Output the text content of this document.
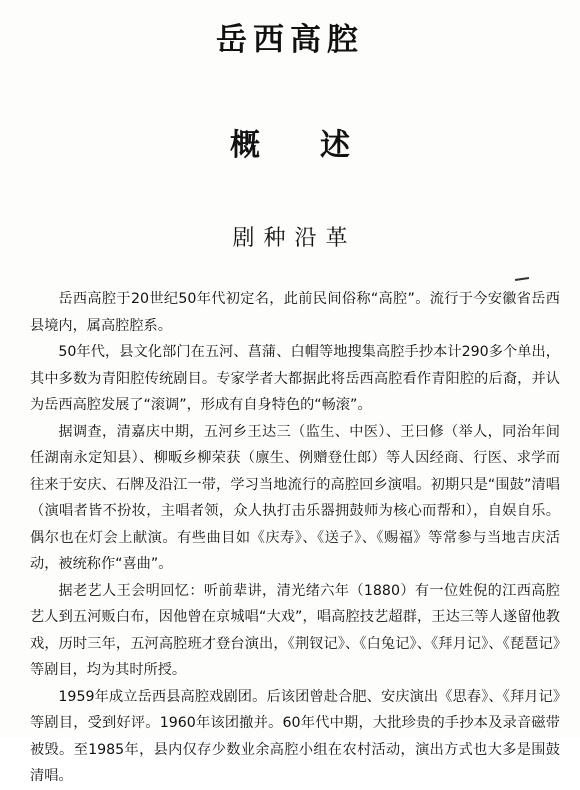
岳西高腔
概述
剧种沿革

岳西高腔于20世纪50年代初定名，此前民间俗称“高腔”。流行于今安徽省岳西县境内，属高腔腔系。

50年代，县文化部门在五河、菖蒲、白帽等地搜集高腔手抄本计290多个单出，其中多数为青阳腔传统剧目。专家学者大都据此将岳西高腔看作青阳腔的后裔，并认为岳西高腔发展了“滚调”，形成有自身特色的“畅滚”。

据调查，清嘉庆中期，五河乡王达三（监生、中医）、王曰修（举人，同治年间任湖南永定知县）、柳畈乡柳荣获（廪生、例赠登仕郎）等人因经商、行医、求学而往来于安庆、石牌及沿江一带，学习当地流行的高腔回乡演唱。初期只是“围鼓”清唱（演唱者皆不扮妆，主唱者领，众人执打击乐器拥鼓师为核心而帮和），自娱自乐。偶尔也在灯会上献演。有些曲目如《庆寿》、《送子》、《赐福》等常参与当地吉庆活动，被统称作“喜曲”。

据老艺人王会明回忆：听前辈讲，清光绪六年（1880）有一位姓倪的江西高腔艺人到五河贩白布，因他曾在京城唱“大戏”，唱高腔技艺超群，王达三等人遂留他教戏，历时三年，五河高腔班才登台演出，《荆钗记》、《白兔记》、《拜月记》、《琵琶记》等剧目，均为其时所授。

1959年成立岳西县高腔戏剧团。后该团曾赴合肥、安庆演出《思春》、《拜月记》等剧目，受到好评。1960年该团撤并。60年代中期，大批珍贵的手抄本及录音磁带被毁。至1985年，县内仅存少数业余高腔小组在农村活动，演出方式也大多是围鼓清唱。
